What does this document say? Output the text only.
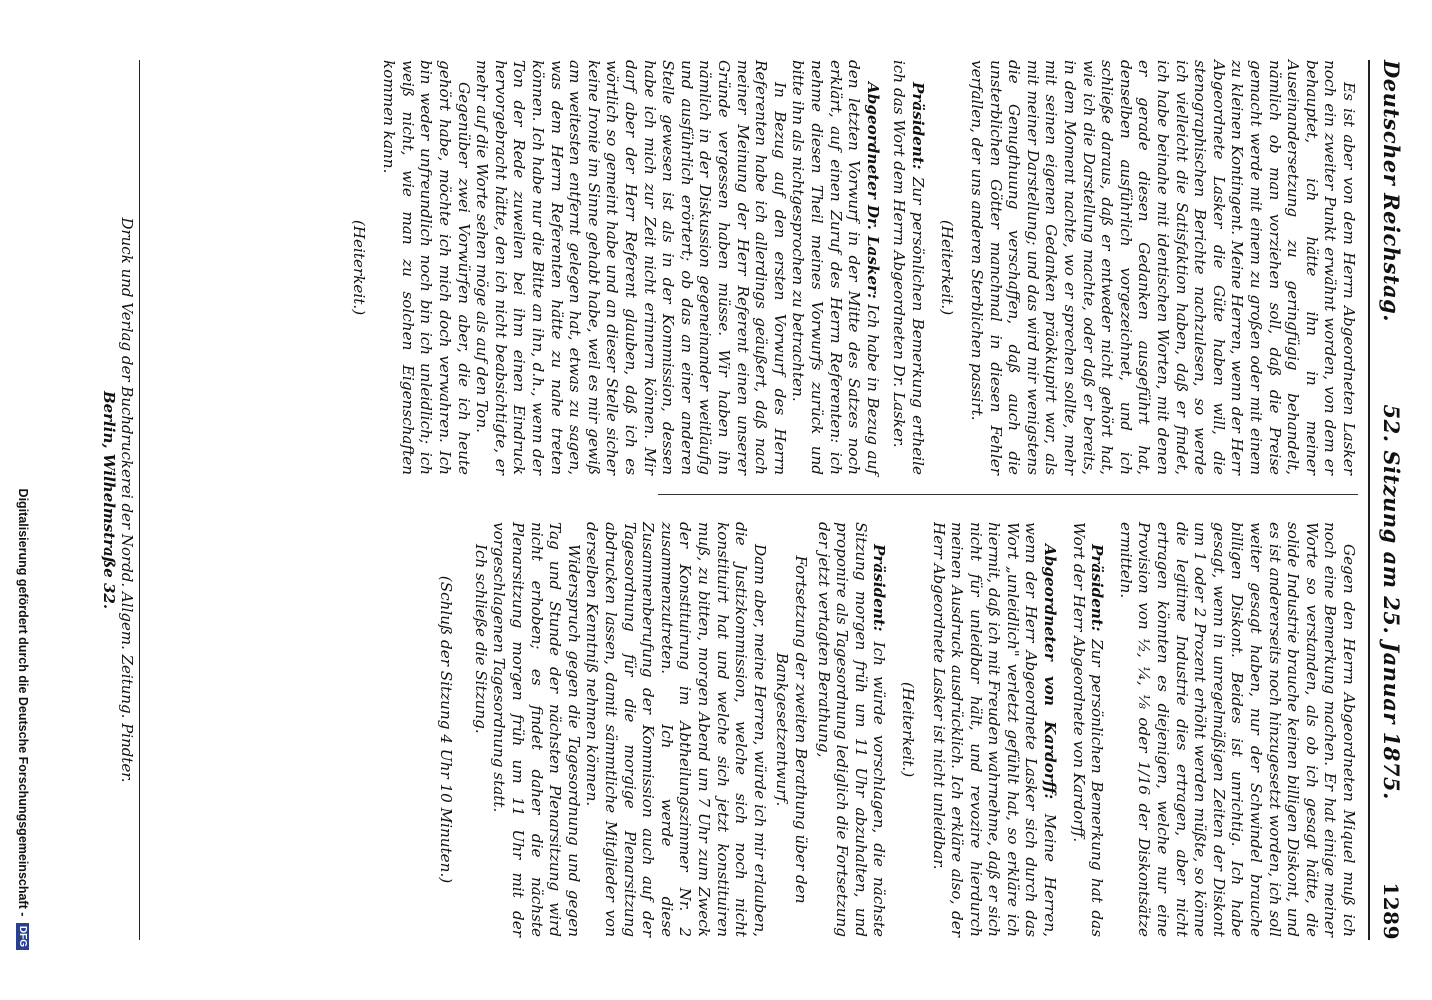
Deutscher Reichstag.
52. Sitzung am 25. Januar 1875.
1289

Es ist aber von dem Herrn Abgeordneten Lasker noch ein zweiter Punkt erwähnt worden, von dem er behauptet, ich hätte ihn in meiner Auseinandersetzung zu geringfügig behandelt, nämlich ob man vorziehen soll, daß die Preise gemacht werde mit einem zu großen oder mit einem zu kleinen Kontingent. Meine Herren, wenn der Herr Abgeordnete Lasker die Güte haben will, die stenographischen Berichte nachzulesen, so werde ich vielleicht die Satisfaktion haben, daß er findet, ich habe beinahe mit identischen Worten, mit denen er gerade diesen Gedanken ausgeführt hat, denselben ausführlich vorgezeichnet, und ich schließe daraus, daß er entweder nicht gehört hat, wie ich die Darstellung machte, oder daß er bereits, in dem Moment nachte, wo er sprechen sollte, mehr mit seinen eigenen Gedanken präokkupirt war, als mit meiner Darstellung; und das wird mir wenigstens die Genugthuung verschaffen, daß auch die unsterblichen Götter manchmal in diesen Fehler verfallen, der uns anderen Sterblichen passirt.

(Heiterkeit.)

Präsident: Zur persönlichen Bemerkung ertheile ich das Wort dem Herrn Abgeordneten Dr. Lasker.

Abgeordneter Dr. Lasker: Ich habe in Bezug auf den letzten Vorwurf in der Mitte des Satzes noch erklärt, auf einen Zuruf des Herrn Referenten: ich nehme diesen Theil meines Vorwurfs zurück und bitte ihn als nichtgesprochen zu betrachten.

In Bezug auf den ersten Vorwurf des Herrn Referenten habe ich allerdings geäußert, daß nach meiner Meinung der Herr Referent einen unserer Gründe vergessen haben müsse. Wir haben ihn nämlich in der Diskussion gegeneinander weitläufig und ausführlich erörtert; ob das an einer anderen Stelle gewesen ist als in der Kommission, dessen habe ich mich zur Zeit nicht erinnern können. Mir darf aber der Herr Referent glauben, daß ich es wörtlich so gemeint habe und an dieser Stelle sicher keine Ironie im Sinne gehabt habe, weil es mir gewiß am weitesten entfernt gelegen hat, etwas zu sagen, was dem Herrn Referenten hätte zu nahe treten können. Ich habe nur die Bitte an ihn, d.h., wenn der Ton der Rede zuweilen bei ihm einen Eindruck hervorgebracht hätte, den ich nicht beabsichtigte, er mehr auf die Worte sehen möge als auf den Ton.

Gegenüber zwei Vorwürfen aber, die ich heute gehört habe, möchte ich mich doch verwahren. Ich bin weder unfreundlich noch bin ich unleidlich; ich weiß nicht, wie man zu solchen Eigenschaften kommen kann.

(Heiterkeit.)

Gegen den Herrn Abgeordneten Miquel muß ich noch eine Bemerkung machen. Er hat einige meiner Worte so verstanden, als ob ich gesagt hätte, die solide Industrie brauche keinen billigen Diskont, und es ist andererseits noch hinzugesetzt worden, ich soll weiter gesagt haben, nur der Schwindel brauche billigen Diskont. Beides ist unrichtig. Ich habe gesagt, wenn in unregelmäßigen Zeiten der Diskont um 1 oder 2 Prozent erhöht werden müßte, so könne die legitime Industrie dies ertragen, aber nicht ertragen könnten es diejenigen, welche nur eine Provision von ½, ¼, ⅛ oder 1/16 der Diskontsätze ermitteln.

Präsident: Zur persönlichen Bemerkung hat das Wort der Herr Abgeordnete von Kardorff.

Abgeordneter von Kardorff: Meine Herren, wenn der Herr Abgeordnete Lasker sich durch das Wort „unleidlich" verletzt gefühlt hat, so erkläre ich hiermit, daß ich mit Freuden wahrnehme, daß er sich nicht für unleidbar hält, und revozire hierdurch meinen Ausdruck ausdrücklich. Ich erkläre also, der Herr Abgeordnete Lasker ist nicht unleidbar.

(Heiterkeit.)

Präsident: Ich würde vorschlagen, die nächste Sitzung morgen früh um 11 Uhr abzuhalten, und proponire als Tagesordnung lediglich die Fortsetzung der jetzt vertagten Berathung,

Fortsetzung der zweiten Berathung über den Bankgesetzentwurf.

Dann aber, meine Herren, würde ich mir erlauben, die Justizkommission, welche sich noch nicht konstituirt hat und welche sich jetzt konstituiren muß, zu bitten, morgen Abend um 7 Uhr zum Zweck der Konstituirung im Abtheilungszimmer Nr. 2 zusammenzutreten. Ich werde diese Zusammenberufung der Kommission auch auf der Tagesordnung für die morgige Plenarsitzung abdrucken lassen, damit sämmtliche Mitglieder von derselben Kenntniß nehmen können.

Widerspruch gegen die Tagesordnung und gegen Tag und Stunde der nächsten Plenarsitzung wird nicht erhoben; es findet daher die nächste Plenarsitzung morgen früh um 11 Uhr mit der vorgeschlagenen Tagesordnung statt.

Ich schließe die Sitzung.

(Schluß der Sitzung 4 Uhr 10 Minuten.)

Druck und Verlag der Buchdruckerei der Nordd. Allgem. Zeitung. Pindter.
Berlin, Wilhelmstraße 32.
Digitalisierung gefördert durch die Deutsche Forschungsgemeinschaft - DFG
